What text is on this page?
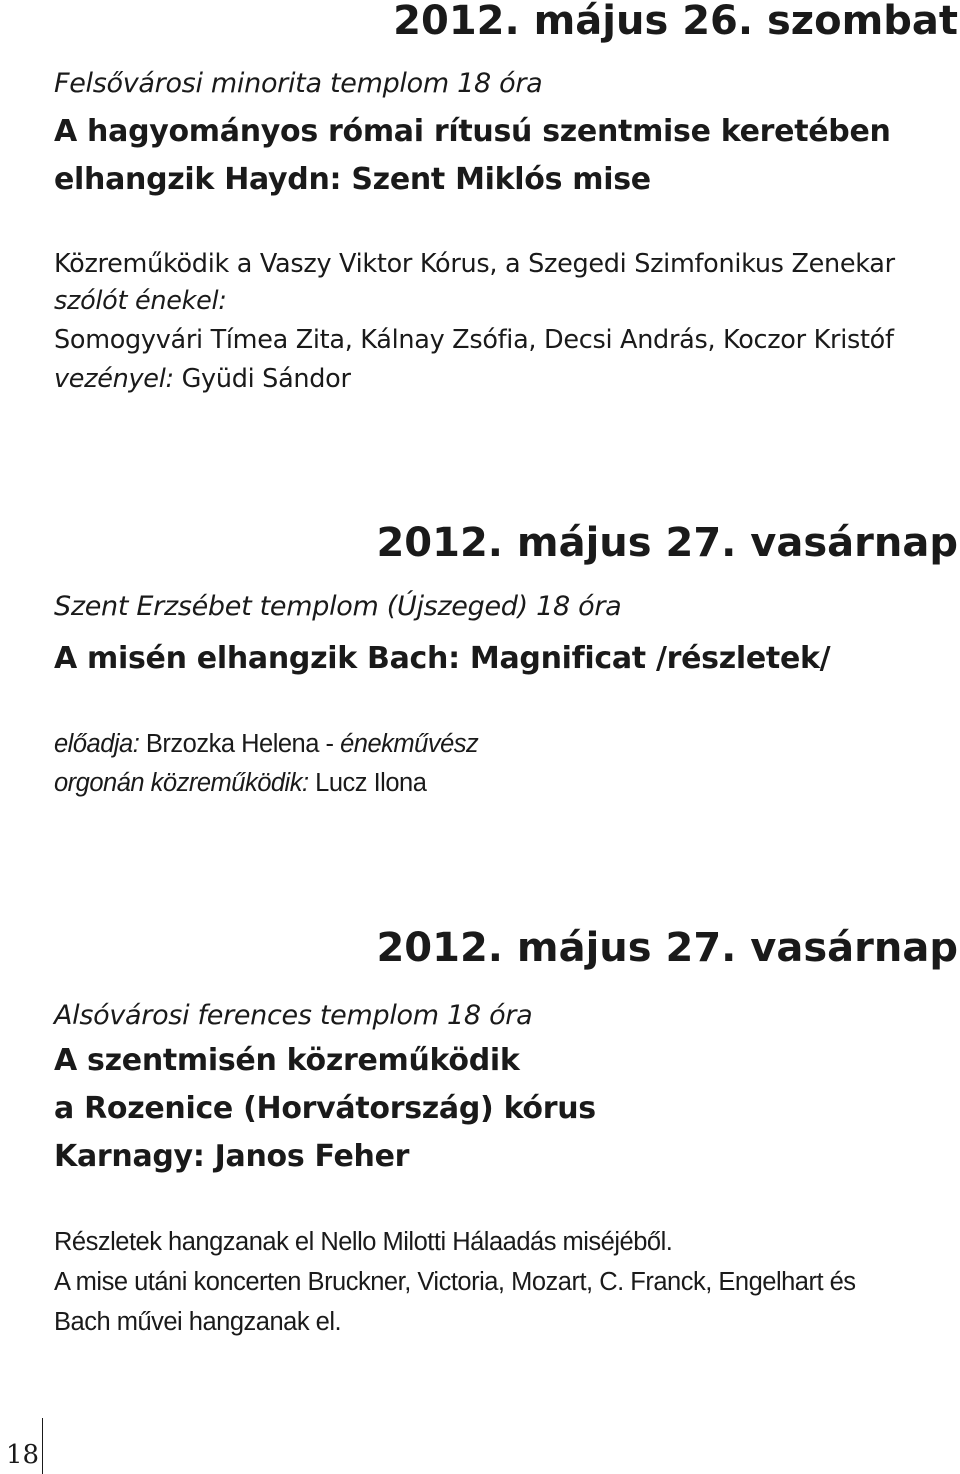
2012. május 26. szombat
Felsővárosi minorita templom 18 óra
A hagyományos római rítusú szentmise keretében
elhangzik Haydn: Szent Miklós mise
Közreműködik a Vaszy Viktor Kórus, a Szegedi Szimfonikus Zenekar
szólót énekel:
Somogyvári Tímea Zita, Kálnay Zsófia, Decsi András, Koczor Kristóf
vezényel: Gyüdi Sándor
2012. május 27. vasárnap
Szent Erzsébet templom (Újszeged) 18 óra
A misén elhangzik Bach: Magnificat /részletek/
előadja: Brzozka Helena - énekművész
orgonán közreműködik: Lucz Ilona
2012. május 27. vasárnap
Alsóvárosi ferences templom 18 óra
A szentmisén közreműködik
a Rozenice (Horvátország) kórus
Karnagy: Janos Feher
Részletek hangzanak el Nello Milotti Hálaadás miséjéből.
A mise utáni koncerten Bruckner, Victoria, Mozart, C. Franck, Engelhart és
Bach művei hangzanak el.
18
